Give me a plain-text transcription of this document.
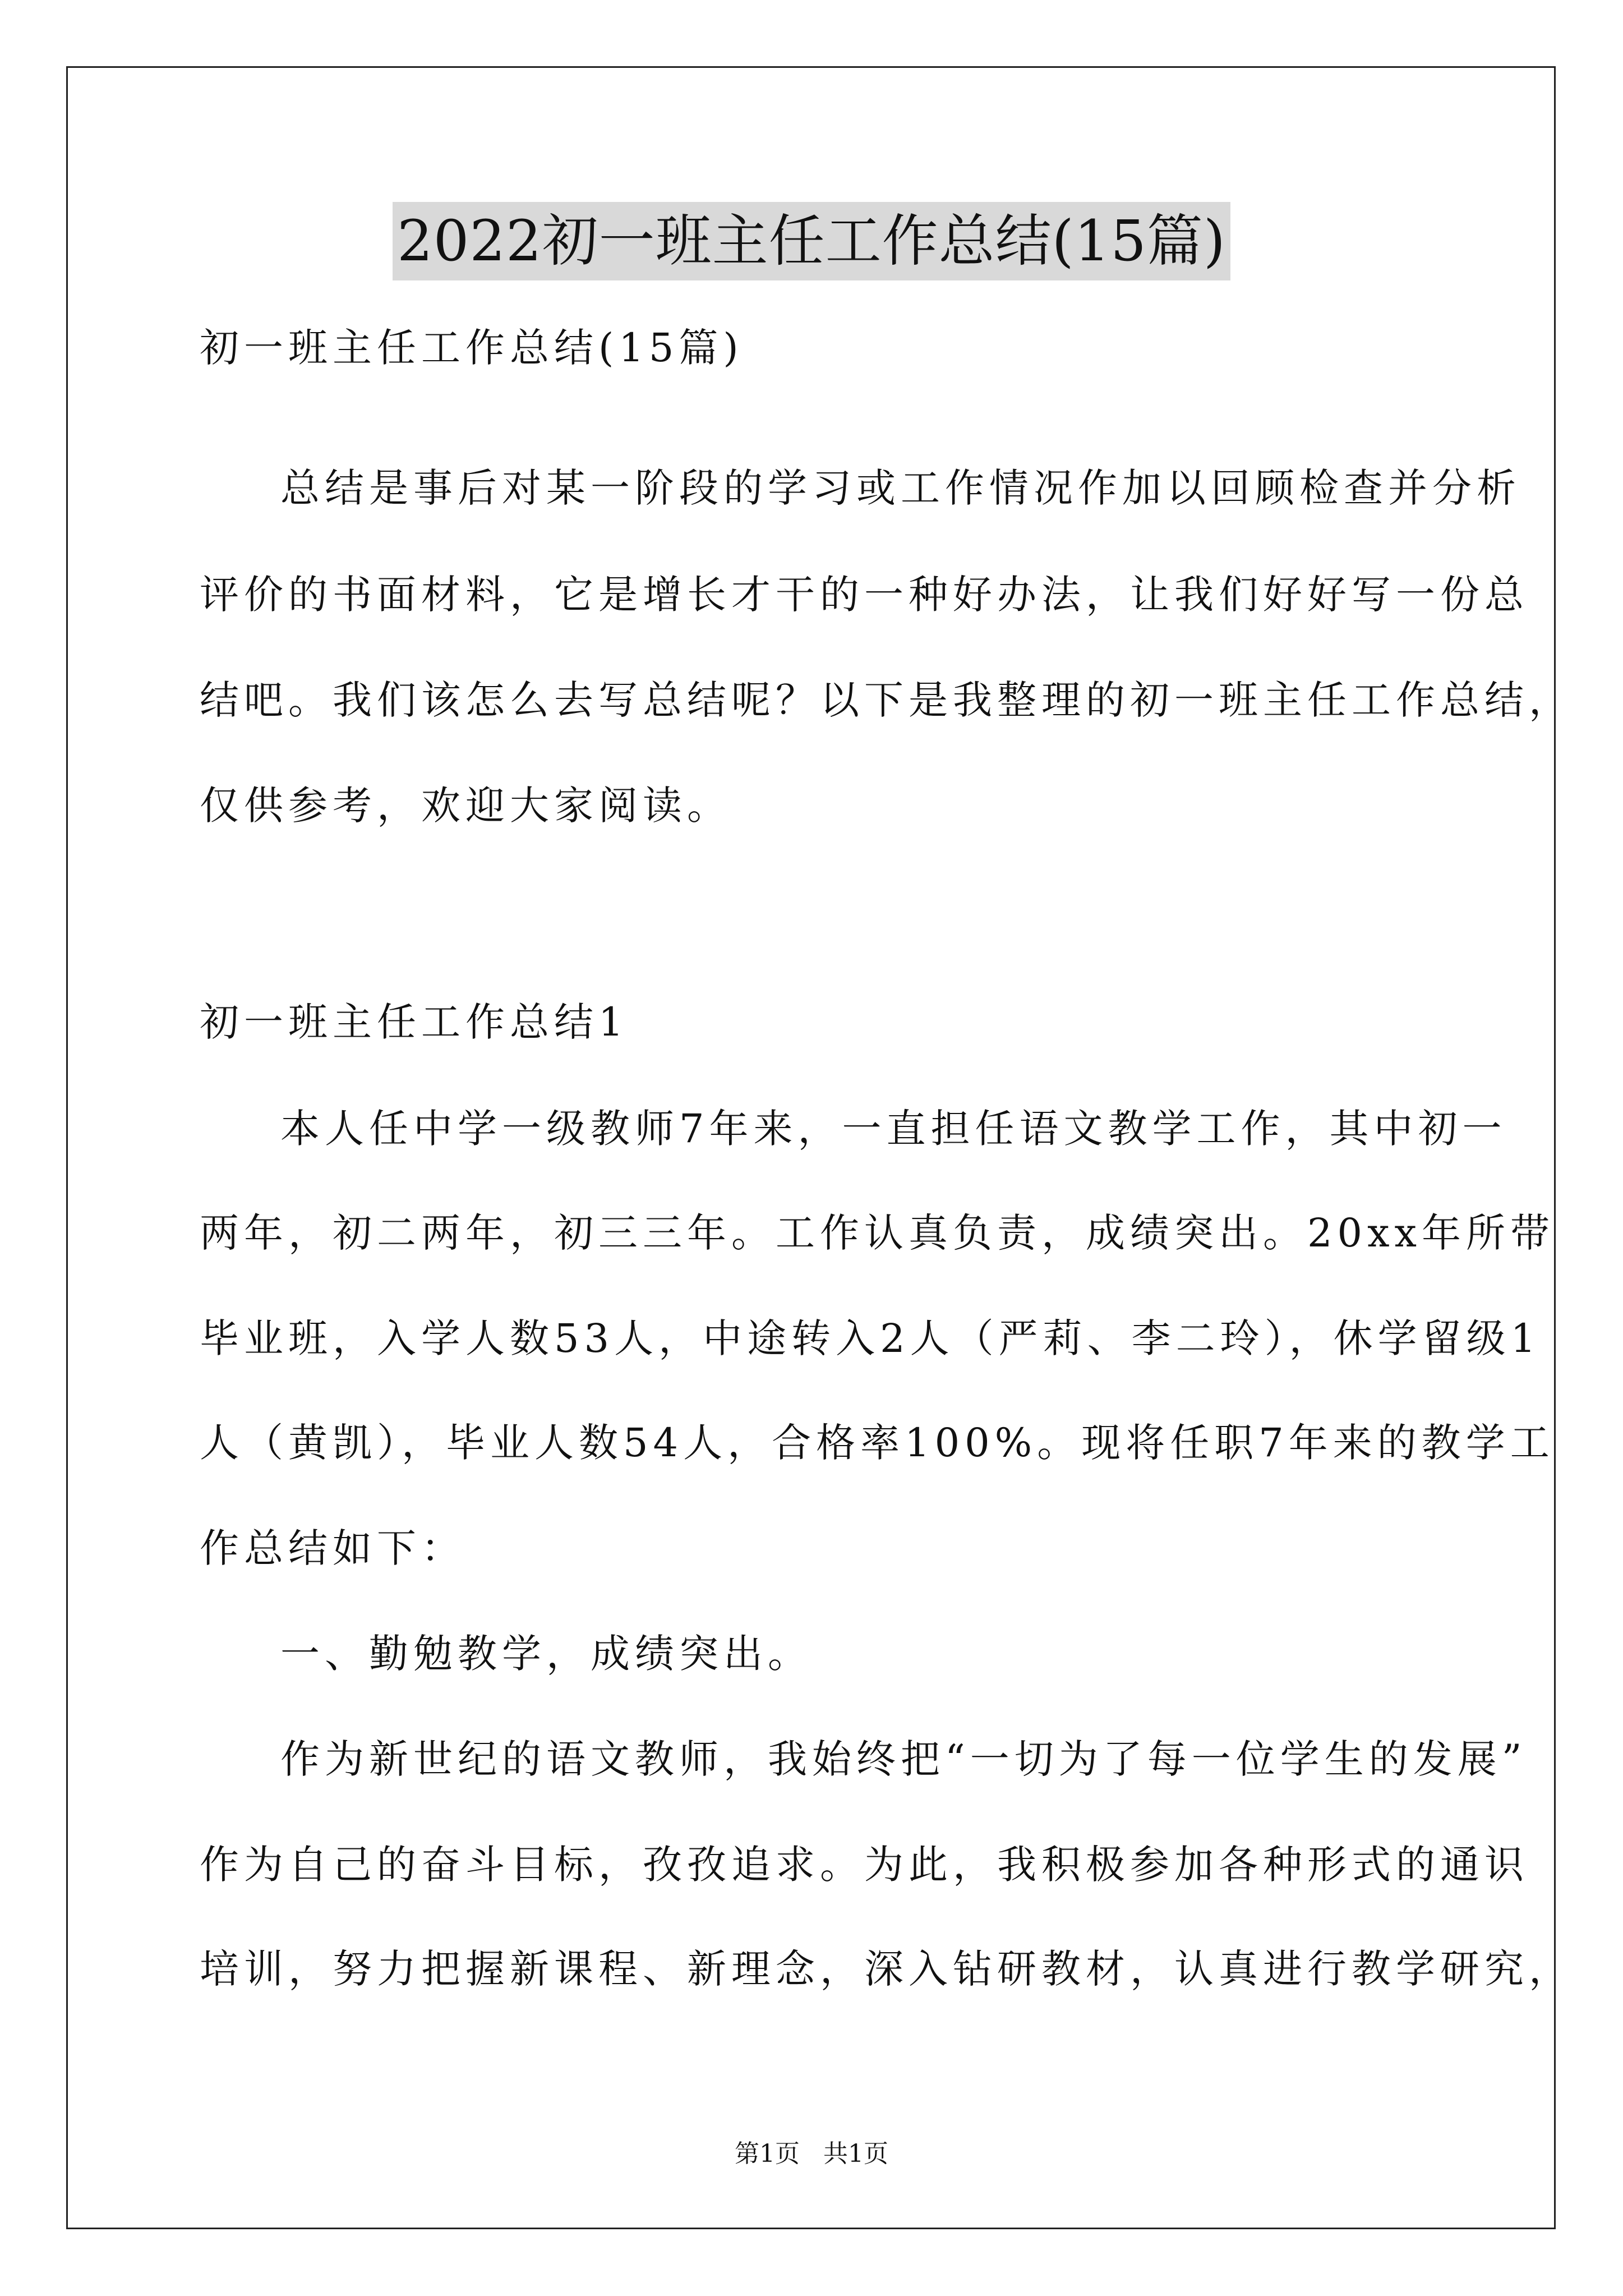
2022初一班主任工作总结(15篇)
初一班主任工作总结(15篇)
总结是事后对某一阶段的学习或工作情况作加以回顾检查并分析
评价的书面材料，它是增长才干的一种好办法，让我们好好写一份总
结吧。我们该怎么去写总结呢？以下是我整理的初一班主任工作总结，
仅供参考，欢迎大家阅读。
初一班主任工作总结1
本人任中学一级教师7年来，一直担任语文教学工作，其中初一
两年，初二两年，初三三年。工作认真负责，成绩突出。20xx年所带
毕业班，入学人数53人，中途转入2人（严莉、李二玲），休学留级1
人（黄凯），毕业人数54人，合格率100%。现将任职7年来的教学工
作总结如下：
一、勤勉教学，成绩突出。
作为新世纪的语文教师，我始终把“一切为了每一位学生的发展”
作为自己的奋斗目标，孜孜追求。为此，我积极参加各种形式的通识
培训，努力把握新课程、新理念，深入钻研教材，认真进行教学研究，
第1页 共1页
